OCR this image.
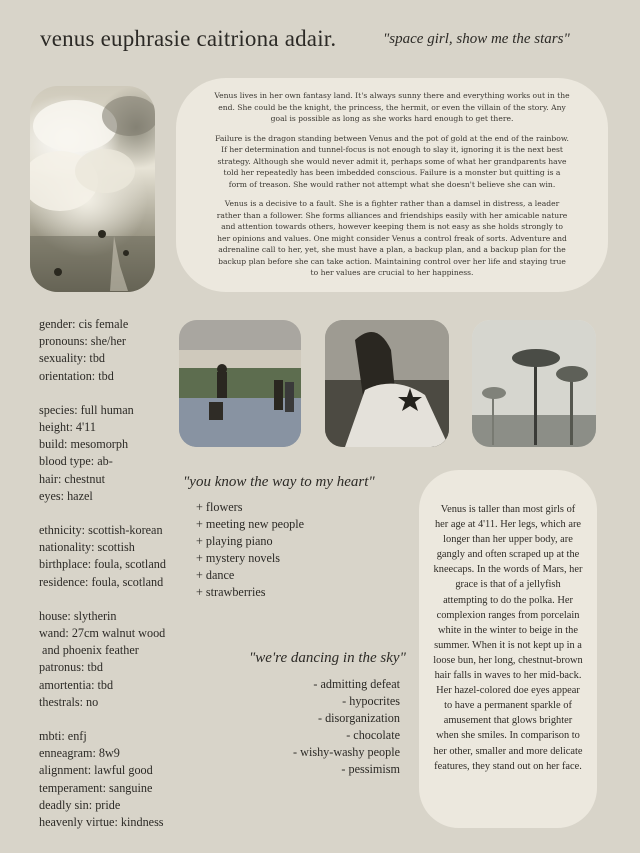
venus euphrasie caitriona adair.	"space girl, show me the stars"

Venus lives in her own fantasy land. It's always sunny there and everything works out in the end. She could be the knight, the princess, the hermit, or even the villain of the story. Any goal is possible as long as she works hard enough to get there.

Failure is the dragon standing between Venus and the pot of gold at the end of the rainbow. If her determination and tunnel-focus is not enough to slay it, ignoring it is the next best strategy. Although she would never admit it, perhaps some of what her grandparents have told her repeatedly has been imbedded conscious. Failure is a monster but quitting is a form of treason. She would rather not attempt what she doesn't believe she can win.

Venus is a decisive to a fault. She is a fighter rather than a damsel in distress, a leader rather than a follower. She forms alliances and friendships easily with her amicable nature and attention towards others, however keeping them is not easy as she holds strongly to her opinions and values. One might consider Venus a control freak of sorts. Adventure and adrenaline call to her, yet, she must have a plan, a backup plan, and a backup plan for the backup plan before she can take action. Maintaining control over her life and staying true to her values are crucial to her happiness.

gender: cis female
pronouns: she/her
sexuality: tbd
orientation: tbd
species: full human
height: 4'11
build: mesomorph
blood type: ab-
hair: chestnut
eyes: hazel
ethnicity: scottish-korean
nationality: scottish
birthplace: foula, scotland
residence: foula, scotland
house: slytherin
wand: 27cm walnut wood
and phoenix feather
patronus: tbd
amortentia: tbd
thestrals: no
mbti: enfj
enneagram: 8w9
alignment: lawful good
temperament: sanguine
deadly sin: pride
heavenly virtue: kindness
"you know the way to my heart"
+ flowers
+ meeting new people
+ playing piano
+ mystery novels
+ dance
+ strawberries
"we're dancing in the sky"
- admitting defeat
- hypocrites
- disorganization
- chocolate
- wishy-washy people
- pessimism

Venus is taller than most girls of her age at 4'11. Her legs, which are longer than her upper body, are gangly and often scraped up at the kneecaps. In the words of Mars, her grace is that of a jellyfish attempting to do the polka. Her complexion ranges from porcelain white in the winter to beige in the summer. When it is not kept up in a loose bun, her long, chestnut-brown hair falls in waves to her mid-back. Her hazel-colored doe eyes appear to have a permanent sparkle of amusement that glows brighter when she smiles. In comparison to her other, smaller and more delicate features, they stand out on her face.
